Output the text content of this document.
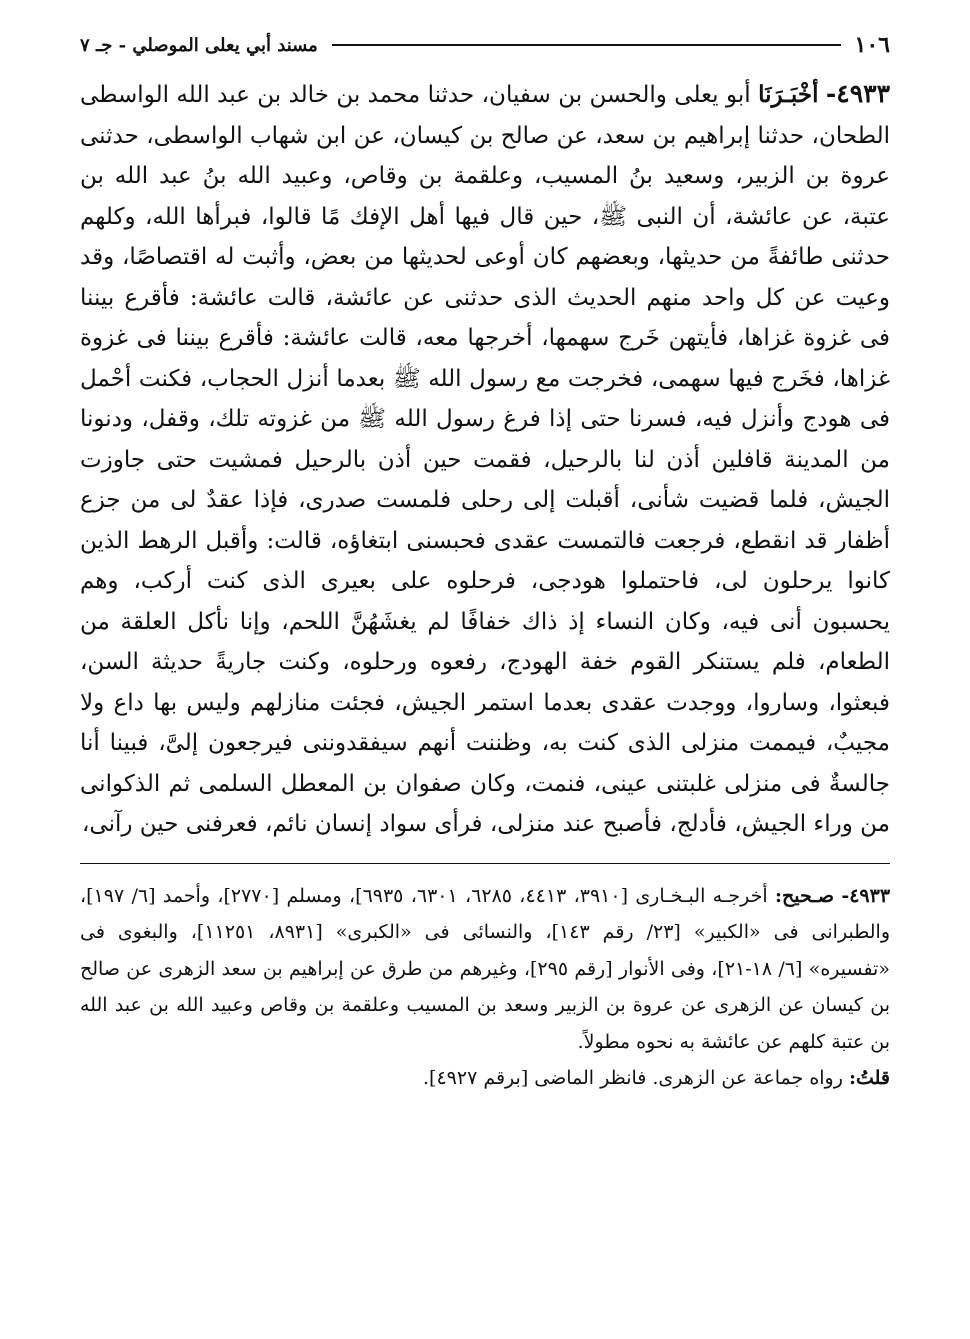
١٠٦
مسند أبي يعلى الموصلي - جـ ٧

٤٩٣٣- أخْبَـرَنَا أبو يعلى والحسن بن سفيان، حدثنا محمد بن خالد بن عبد الله الواسطى الطحان، حدثنا إبراهيم بن سعد، عن صالح بن كيسان، عن ابن شهاب الواسطى، حدثنى عروة بن الزبير، وسعيد بنُ المسيب، وعلقمة بن وقاص، وعبيد الله بنُ عبد الله بن عتبة، عن عائشة، أن النبى ﷺ، حين قال فيها أهل الإفك مًا قالوا، فبرأها الله، وكلهم حدثنى طائفةً من حديثها، وبعضهم كان أوعى لحديثها من بعض، وأثبت له اقتصاصًا، وقد وعيت عن كل واحد منهم الحديث الذى حدثنى عن عائشة، قالت عائشة: فأقرع بيننا فى غزوة غزاها، فأيتهن خَرج سهمها، أخرجها معه، قالت عائشة: فأقرع بيننا فى غزوة غزاها، فخَرج فيها سهمى، فخرجت مع رسول الله ﷺ بعدما أنزل الحجاب، فكنت أحْمل فى هودج وأنزل فيه، فسرنا حتى إذا فرغ رسول الله ﷺ من غزوته تلك، وقفل، ودنونا من المدينة قافلين أذن لنا بالرحيل، فقمت حين أذن بالرحيل فمشيت حتى جاوزت الجيش، فلما قضيت شأنى، أقبلت إلى رحلى فلمست صدرى، فإذا عقدٌ لى من جزع أظفار قد انقطع، فرجعت فالتمست عقدى فحبسنى ابتغاؤه، قالت: وأقبل الرهط الذين كانوا يرحلون لى، فاحتملوا هودجى، فرحلوه على بعيرى الذى كنت أركب، وهم يحسبون أنى فيه، وكان النساء إذ ذاك خفافًا لم يغشَهُنَّ اللحم، وإنا نأكل العلقة من الطعام، فلم يستنكر القوم خفة الهودج، رفعوه ورحلوه، وكنت جاريةً حديثة السن، فبعثوا، وساروا، ووجدت عقدى بعدما استمر الجيش، فجئت منازلهم وليس بها داع ولا مجيبٌ، فيممت منزلى الذى كنت به، وظننت أنهم سيفقدوننى فيرجعون إلىَّ، فبينا أنا جالسةٌ فى منزلى غلبتنى عينى، فنمت، وكان صفوان بن المعطل السلمى ثم الذكوانى من وراء الجيش، فأدلج، فأصبح عند منزلى، فرأى سواد إنسان نائم، فعرفنى حين رآنى،

٤٩٣٣- صـحيح: أخرجـه البـخـارى [٣٩١٠، ٤٤١٣، ٦٢٨٥، ٦٣٠١، ٦٩٣٥]، ومسلم [٢٧٧٠]، وأحمد [٦/ ١٩٧]، والطبرانى فى «الكبير» [٢٣/ رقم ١٤٣]، والنسائى فى «الكبرى» [٨٩٣١، ١١٢٥١]، والبغوى فى «تفسيره» [٦/ ١٨-٢١]، وفى الأنوار [رقم ٢٩٥]، وغيرهم من طرق عن إبراهيم بن سعد الزهرى عن صالح بن كيسان عن الزهرى عن عروة بن الزبير وسعد بن المسيب وعلقمة بن وقاص وعبيد الله بن عبد الله بن عتبة كلهم عن عائشة به نحوه مطولاً.

قلتُ: رواه جماعة عن الزهرى. فانظر الماضى [برقم ٤٩٢٧].
